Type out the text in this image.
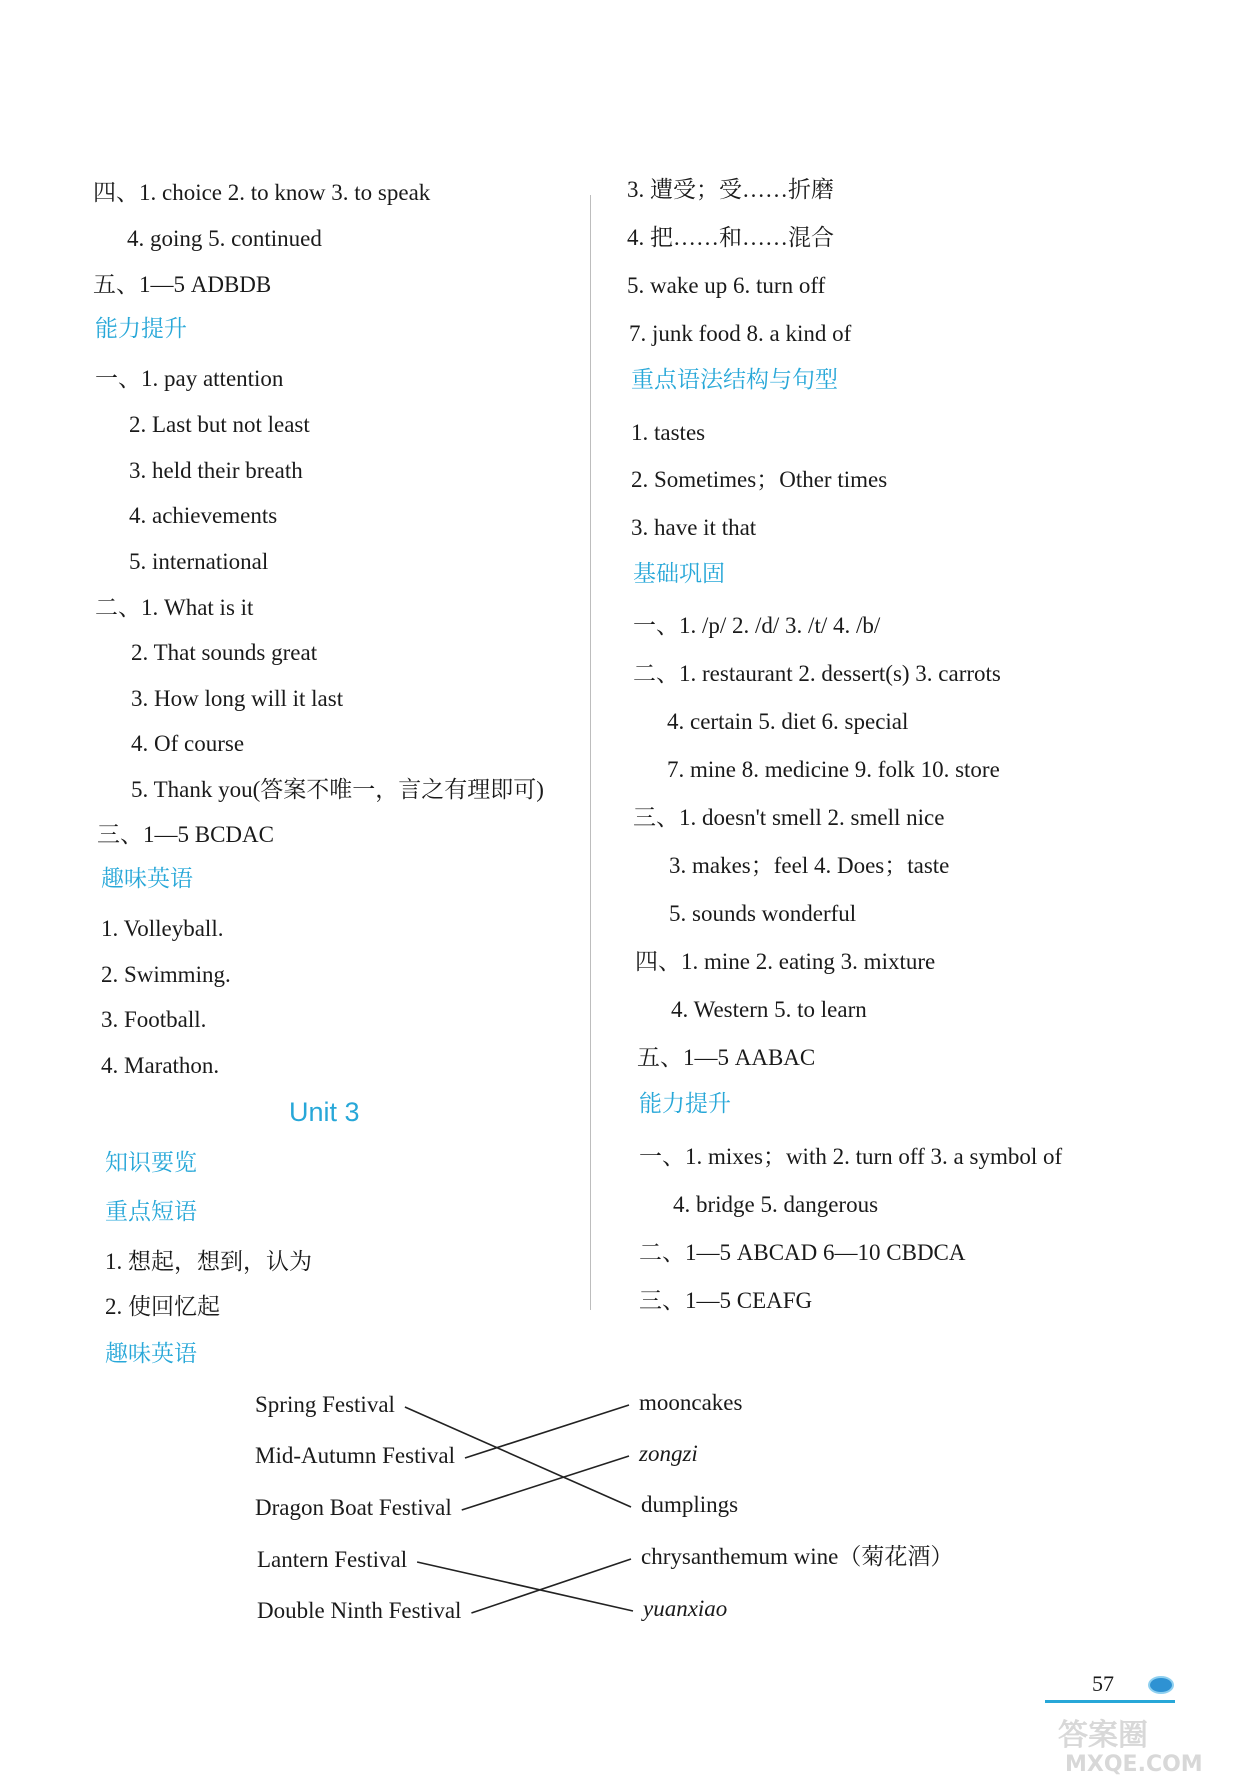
四、1. choice 2. to know 3. to speak
4. going 5. continued
五、1—5 ADBDB
能力提升
一、1. pay attention
2. Last but not least
3. held their breath
4. achievements
5. international
二、1. What is it
2. That sounds great
3. How long will it last
4. Of course
5. Thank you(答案不唯一，言之有理即可)
三、1—5 BCDAC
趣味英语
1. Volleyball.
2. Swimming.
3. Football.
4. Marathon.
Unit 3
知识要览
重点短语
1. 想起，想到，认为
2. 使回忆起
趣味英语
3. 遭受；受……折磨
4. 把……和……混合
5. wake up 6. turn off
7. junk food 8. a kind of
重点语法结构与句型
1. tastes
2. Sometimes；Other times
3. have it that
基础巩固
一、1. /p/ 2. /d/ 3. /t/ 4. /b/
二、1. restaurant 2. dessert(s) 3. carrots
4. certain 5. diet 6. special
7. mine 8. medicine 9. folk 10. store
三、1. doesn't smell 2. smell nice
3. makes；feel 4. Does；taste
5. sounds wonderful
四、1. mine 2. eating 3. mixture
4. Western 5. to learn
五、1—5 AABAC
能力提升
一、1. mixes；with 2. turn off 3. a symbol of
4. bridge 5. dangerous
二、1—5 ABCAD 6—10 CBDCA
三、1—5 CEAFG
Spring Festival
Mid-Autumn Festival
Dragon Boat Festival
Lantern Festival
Double Ninth Festival
mooncakes
zongzi
dumplings
chrysanthemum wine（菊花酒）
yuanxiao
57
答案圈
MXQE.COM
